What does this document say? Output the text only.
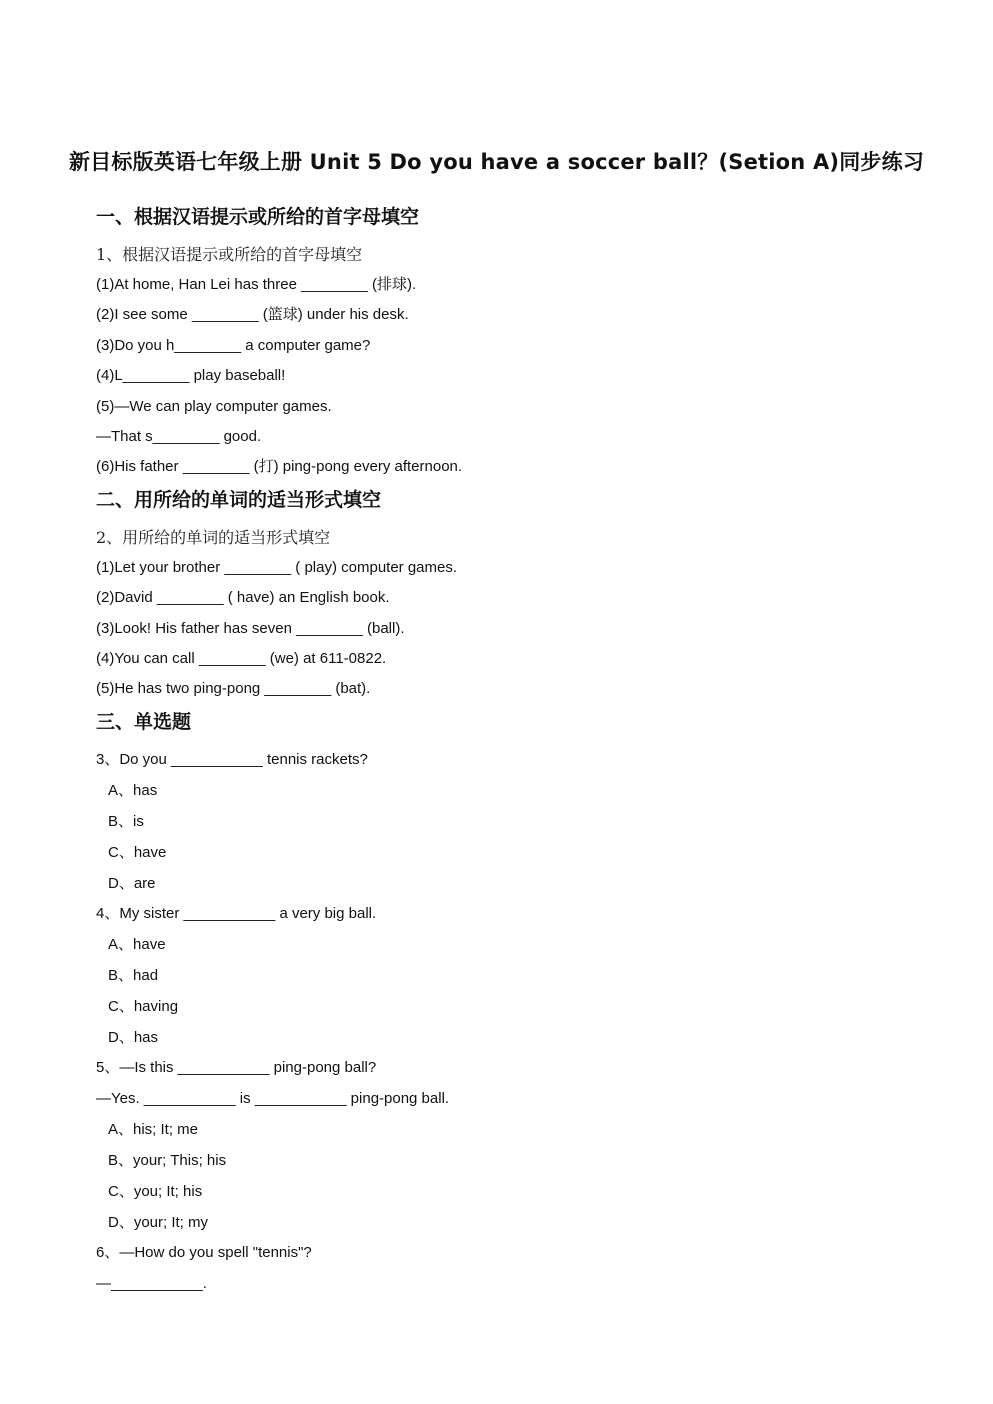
新目标版英语七年级上册 Unit 5 Do you have a soccer ball？(Setion A)同步练习
一、根据汉语提示或所给的首字母填空
1、根据汉语提示或所给的首字母填空
(1)At home, Han Lei has three ________ (排球).
(2)I see some ________ (篮球) under his desk.
(3)Do you h________ a computer game?
(4)L________ play baseball!
(5)—We can play computer games.
—That s________ good.
(6)His father ________ (打) ping-pong every afternoon.
二、用所给的单词的适当形式填空
2、用所给的单词的适当形式填空
(1)Let your brother ________ ( play) computer games.
(2)David ________ ( have) an English book.
(3)Look! His father has seven ________ (ball).
(4)You can call ________ (we) at 611-0822.
(5)He has two ping-pong ________ (bat).
三、单选题
3、Do you ___________ tennis rackets?
A、has
B、is
C、have
D、are
4、My sister ___________ a very big ball.
A、have
B、had
C、having
D、has
5、—Is this ___________ ping-pong ball?
—Yes. ___________ is ___________ ping-pong ball.
A、his; It; me
B、your; This; his
C、you; It; his
D、your; It; my
6、—How do you spell "tennis"?
—___________.
